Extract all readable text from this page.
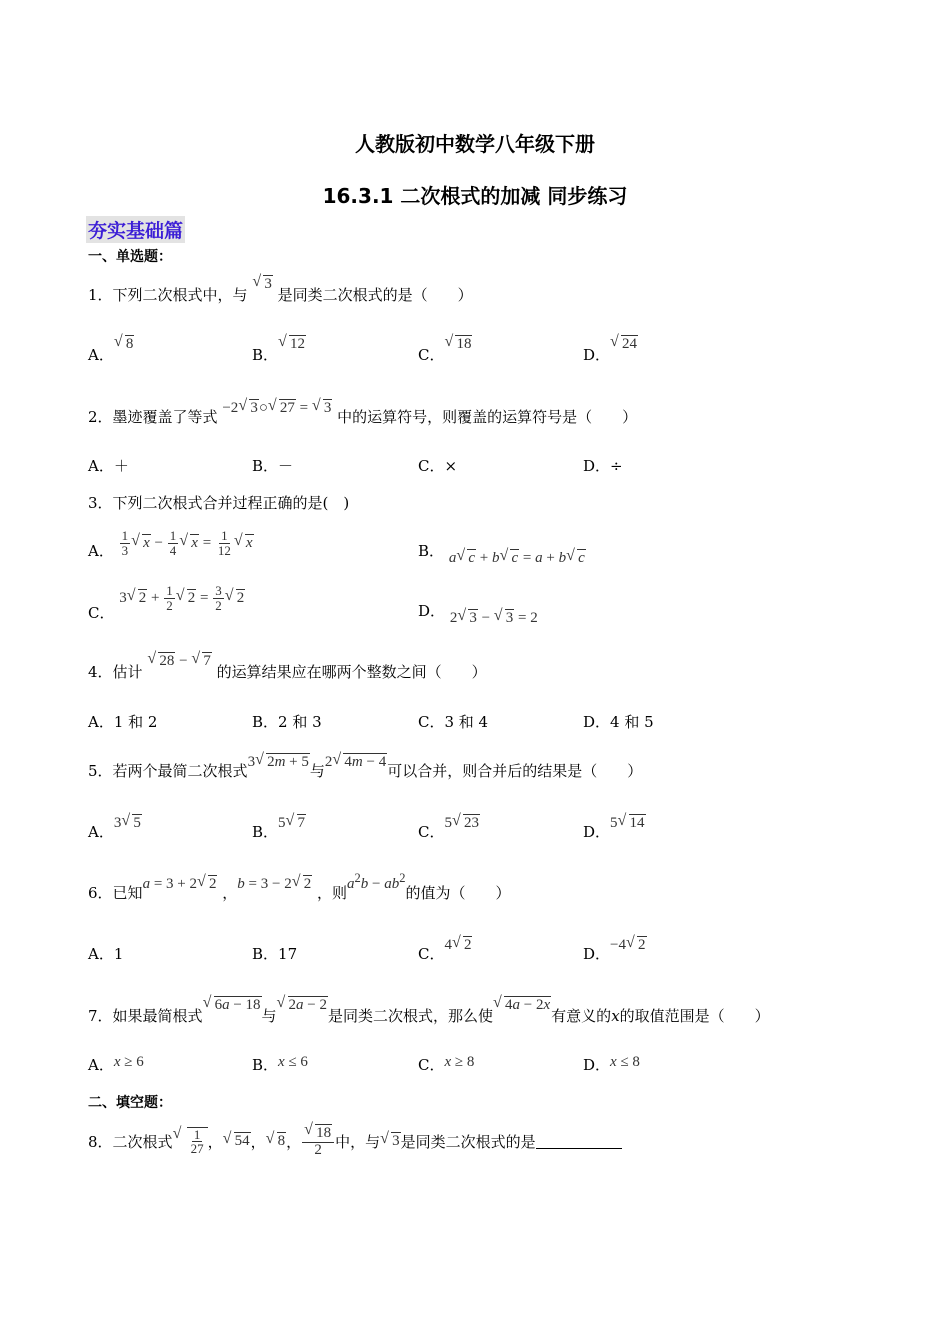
人教版初中数学八年级下册
16.3.1 二次根式的加减 同步练习
夯实基础篇
一、单选题：
1．下列二次根式中，与 √ 3 是同类二次根式的是（　　）
A．√ 8
B．√ 12
C．√ 18
D．√ 24
2．墨迹覆盖了等式 −2 √ 3○ √ 27 = √ 3 中的运算符号，则覆盖的运算符号是（　　）
A．＋	B．－	C．×	D．÷
3．下列二次根式合并过程正确的是(　)
A． $\frac{1}{3}$ √ $x - \frac{1}{4}$ √ $x = \frac{1}{12}$ √ x	B． a √ c + b √ c = a + b √ c
C． 3 √ $2 + \frac{1}{2}$ √ $2 = \frac{3}{2}$ √ 2
D． 2 √ 3 − √ 3 = 2
4．估计 √ 28 − √ 7 的运算结果应在哪两个整数之间（　　）
A．1 和 2	B．2 和 3	C．3 和 4	D．4 和 5
5．若两个最简二次根式3 √ 2m + 5与2 √ 4m − 4可以合并，则合并后的结果是（　　）
A．3 √ 5	B．5 √ 7	C．5 √ 23	D．5 √ 14
6．已知a = 3 + 2 √ 2 ，b = 3 − 2 √ 2 ，则$a^2b - ab^2$的值为（　　）
A．1	B．17	C．4 √ 2	D．−4 √ 2
7．如果最简根式√ 6a − 18与√ 2a − 2是同类二次根式，那么使√ 4a − 2x有意义的x的取值范围是（　　）
A．x ≥ 6	B．x ≤ 6	C．x ≥ 8	D．x ≤ 8
二、填空题：
8． 二次根式 √ $\frac{1}{27}$ ， √ 54 ， √ 8 ， √ $\frac{18}{2}$ 中，与 √ 3 是同类二次根式的是
